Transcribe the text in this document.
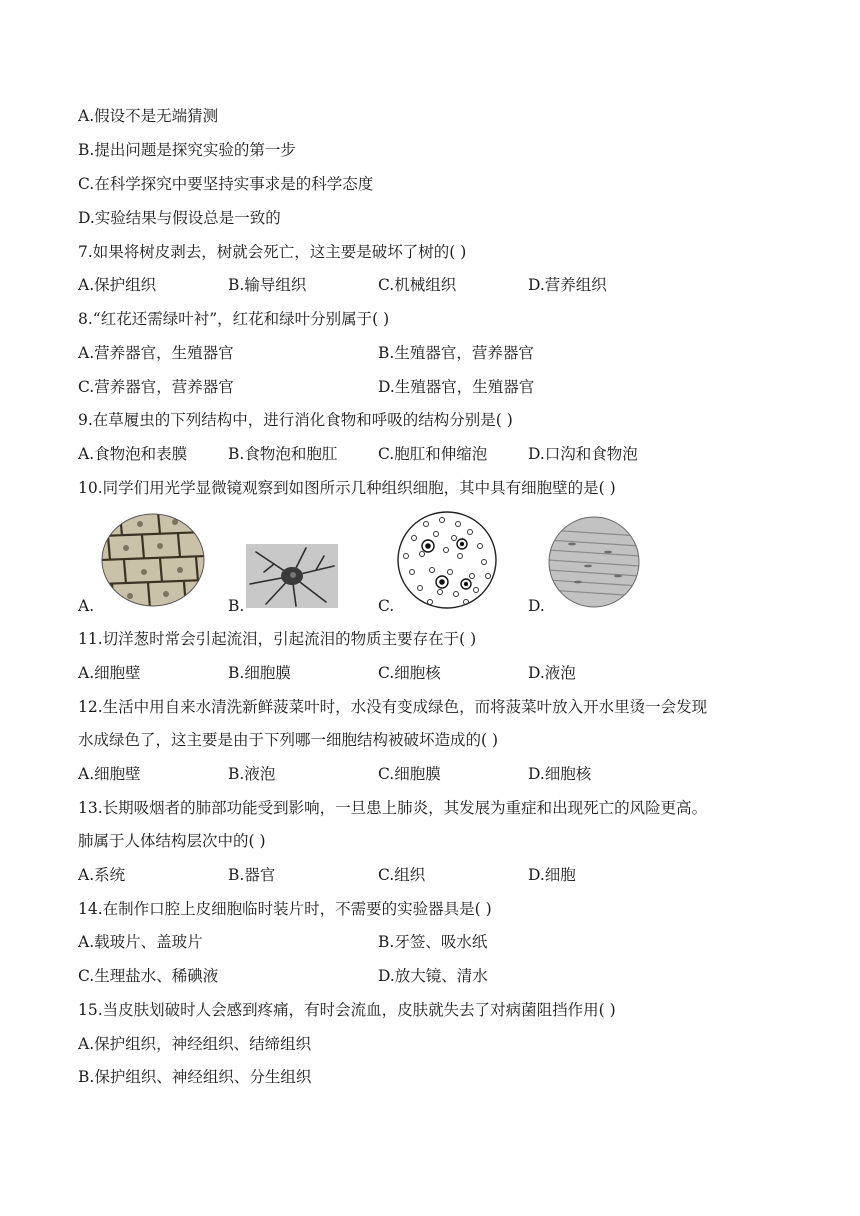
A.假设不是无端猜测
B.提出问题是探究实验的第一步
C.在科学探究中要坚持实事求是的科学态度
D.实验结果与假设总是一致的
7.如果将树皮剥去，树就会死亡，这主要是破坏了树的( )
A.保护组织	B.输导组织	C.机械组织	D.营养组织
8.“红花还需绿叶衬”，红花和绿叶分别属于( )
A.营养器官，生殖器官	B.生殖器官，营养器官
C.营养器官，营养器官	D.生殖器官，生殖器官
9.在草履虫的下列结构中，进行消化食物和呼吸的结构分别是( )
A.食物泡和表膜	B.食物泡和胞肛	C.胞肛和伸缩泡	D.口沟和食物泡
10.同学们用光学显微镜观察到如图所示几种组织细胞，其中具有细胞壁的是( )
A.	B.	C.	D.
11.切洋葱时常会引起流泪，引起流泪的物质主要存在于( )
A.细胞壁	B.细胞膜	C.细胞核	D.液泡
12.生活中用自来水清洗新鲜菠菜叶时，水没有变成绿色，而将菠菜叶放入开水里烫一会发现
水成绿色了，这主要是由于下列哪一细胞结构被破坏造成的( )
A.细胞壁	B.液泡	C.细胞膜	D.细胞核
13.长期吸烟者的肺部功能受到影响，一旦患上肺炎，其发展为重症和出现死亡的风险更高。
肺属于人体结构层次中的( )
A.系统	B.器官	C.组织	D.细胞
14.在制作口腔上皮细胞临时装片时，不需要的实验器具是( )
A.载玻片、盖玻片	B.牙签、吸水纸
C.生理盐水、稀碘液	D.放大镜、清水
15.当皮肤划破时人会感到疼痛，有时会流血，皮肤就失去了对病菌阻挡作用( )
A.保护组织，神经组织、结缔组织
B.保护组织、神经组织、分生组织
